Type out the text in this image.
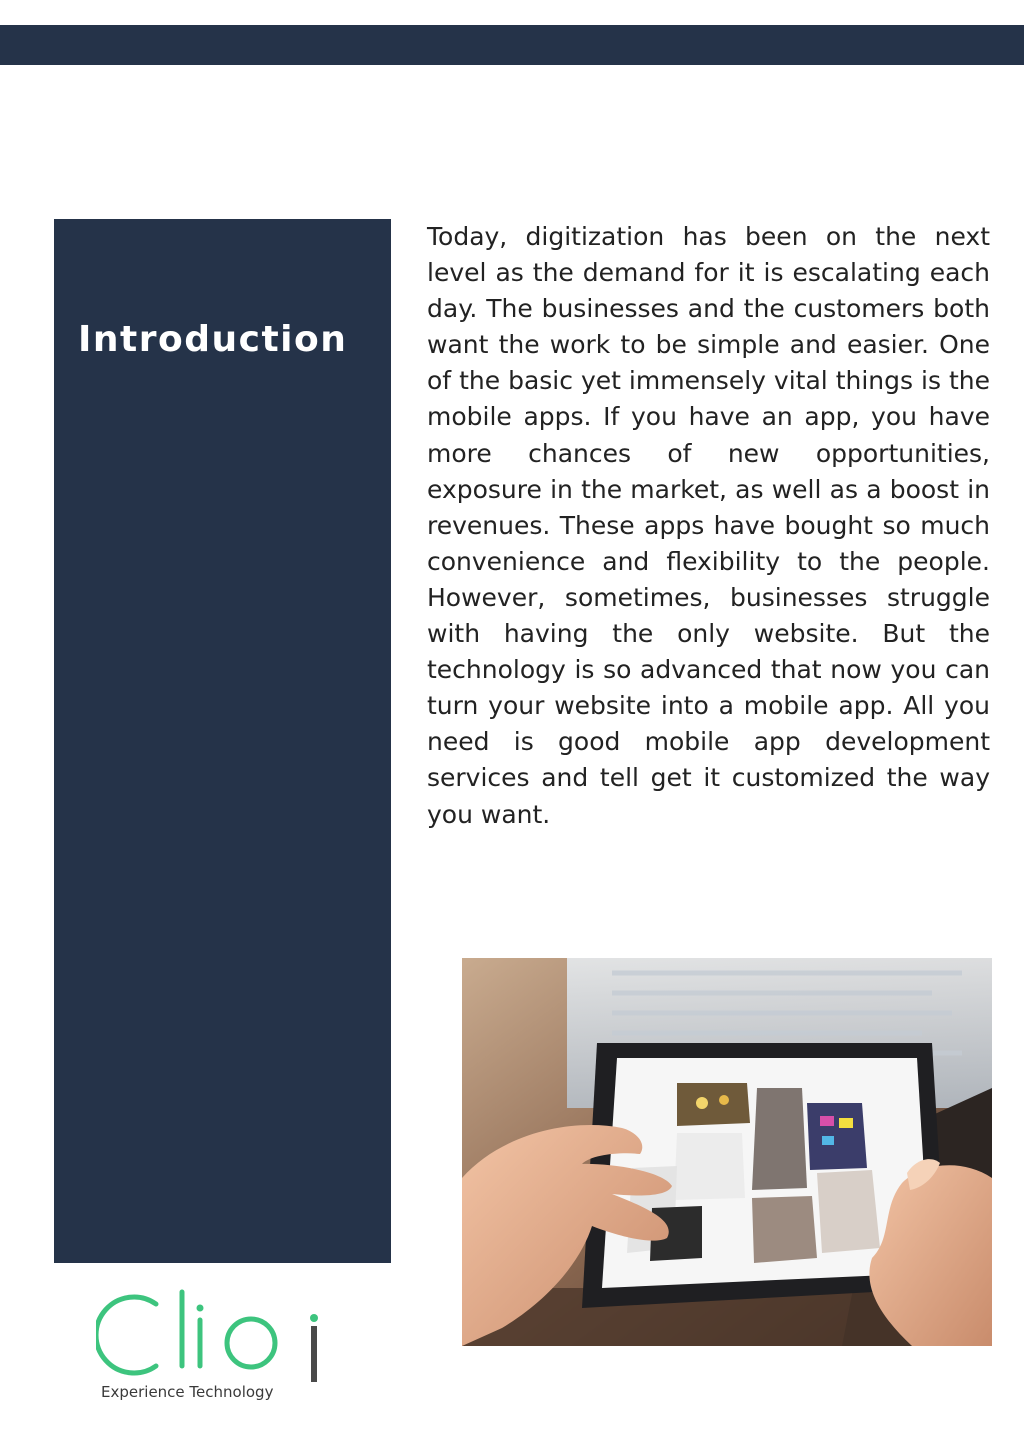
Introduction

Today, digitization has been on the next level as the demand for it is escalating each day. The businesses and the customers both want the work to be simple and easier. One of the basic yet immensely vital things is the mobile apps. If you have an app, you have more chances of new opportunities, exposure in the market, as well as a boost in revenues. These apps have bought so much convenience and flexibility to the people. However, sometimes, businesses struggle with having the only website. But the technology is so advanced that now you can turn your website into a mobile app. All you need is good mobile app development services and tell get it customized the way you want.

Experience Technology
